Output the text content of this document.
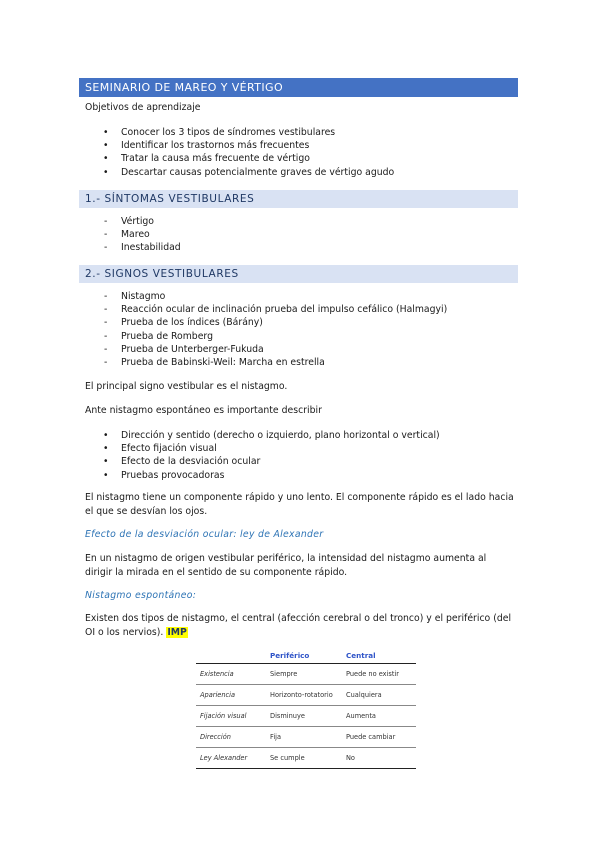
SEMINARIO DE MAREO Y VÉRTIGO
Objetivos de aprendizaje
• Conocer los 3 tipos de síndromes vestibulares
• Identificar los trastornos más frecuentes
• Tratar la causa más frecuente de vértigo
• Descartar causas potencialmente graves de vértigo agudo
1.- SÍNTOMAS VESTIBULARES
- Vértigo
- Mareo
- Inestabilidad
2.- SIGNOS VESTIBULARES
- Nistagmo
- Reacción ocular de inclinación prueba del impulso cefálico (Halmagyi)
- Prueba de los índices (Bárány)
- Prueba de Romberg
- Prueba de Unterberger-Fukuda
- Prueba de Babinski-Weil: Marcha en estrella
El principal signo vestibular es el nistagmo.
Ante nistagmo espontáneo es importante describir
• Dirección y sentido (derecho o izquierdo, plano horizontal o vertical)
• Efecto fijación visual
• Efecto de la desviación ocular
• Pruebas provocadoras
El nistagmo tiene un componente rápido y uno lento. El componente rápido es el lado hacia el que se desvían los ojos.
Efecto de la desviación ocular: ley de Alexander
En un nistagmo de origen vestibular periférico, la intensidad del nistagmo aumenta al dirigir la mirada en el sentido de su componente rápido.
Nistagmo espontáneo:
Existen dos tipos de nistagmo, el central (afección cerebral o del tronco) y el periférico (del OI o los nervios). IMP
	Periférico	Central
Existencia	Siempre	Puede no existir
Apariencia	Horizonto-rotatorio	Cualquiera
Fijación visual	Disminuye	Aumenta
Dirección	Fija	Puede cambiar
Ley Alexander	Se cumple	No
